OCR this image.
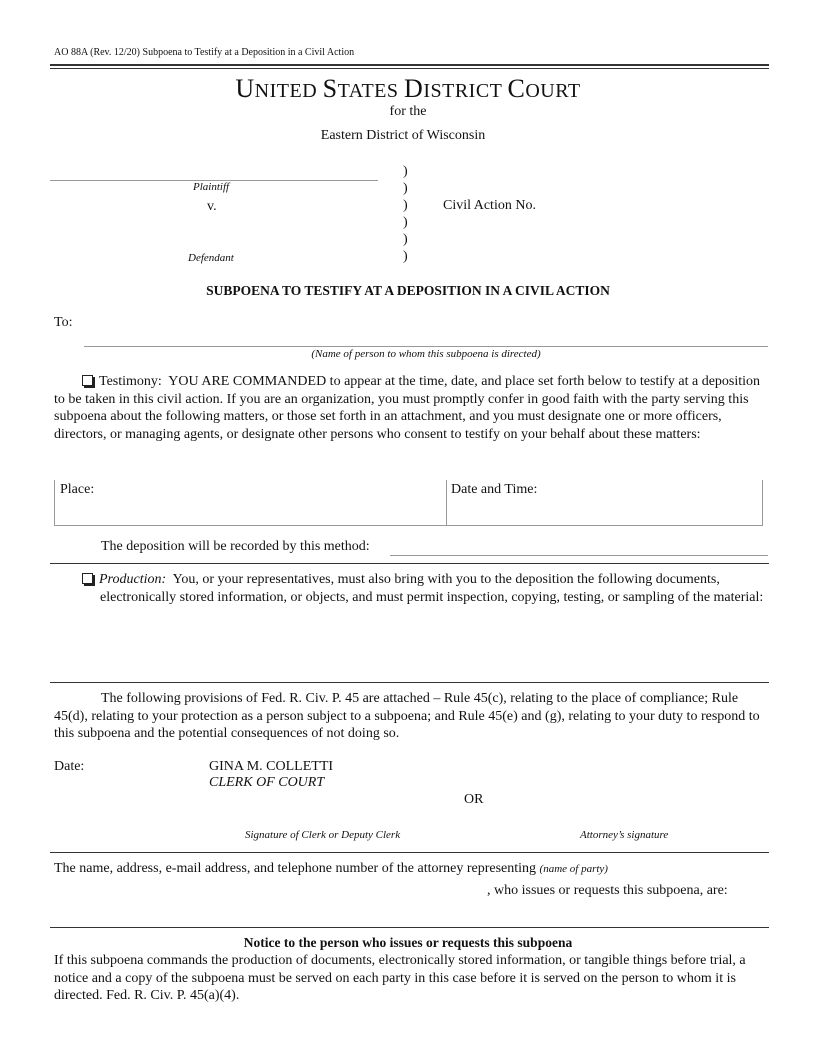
AO 88A (Rev. 12/20) Subpoena to Testify at a Deposition in a Civil Action
UNITED STATES DISTRICT COURT
for the
Eastern District of Wisconsin
)
)
)
)
)
)
Plaintiff
v.
Defendant
Civil Action No.
SUBPOENA TO TESTIFY AT A DEPOSITION IN A CIVIL ACTION
To:
(Name of person to whom this subpoena is directed)
Testimony: YOU ARE COMMANDED to appear at the time, date, and place set forth below to testify at a deposition to be taken in this civil action. If you are an organization, you must promptly confer in good faith with the party serving this subpoena about the following matters, or those set forth in an attachment, and you must designate one or more officers, directors, or managing agents, or designate other persons who consent to testify on your behalf about these matters:
Place:	Date and Time:
The deposition will be recorded by this method:
Production: You, or your representatives, must also bring with you to the deposition the following documents, electronically stored information, or objects, and must permit inspection, copying, testing, or sampling of the material:
The following provisions of Fed. R. Civ. P. 45 are attached – Rule 45(c), relating to the place of compliance; Rule 45(d), relating to your protection as a person subject to a subpoena; and Rule 45(e) and (g), relating to your duty to respond to this subpoena and the potential consequences of not doing so.
Date:	GINA M. COLLETTI
CLERK OF COURT
OR
Signature of Clerk or Deputy Clerk	Attorney’s signature
The name, address, e-mail address, and telephone number of the attorney representing (name of party)
, who issues or requests this subpoena, are:
Notice to the person who issues or requests this subpoena
If this subpoena commands the production of documents, electronically stored information, or tangible things before trial, a notice and a copy of the subpoena must be served on each party in this case before it is served on the person to whom it is directed. Fed. R. Civ. P. 45(a)(4).
